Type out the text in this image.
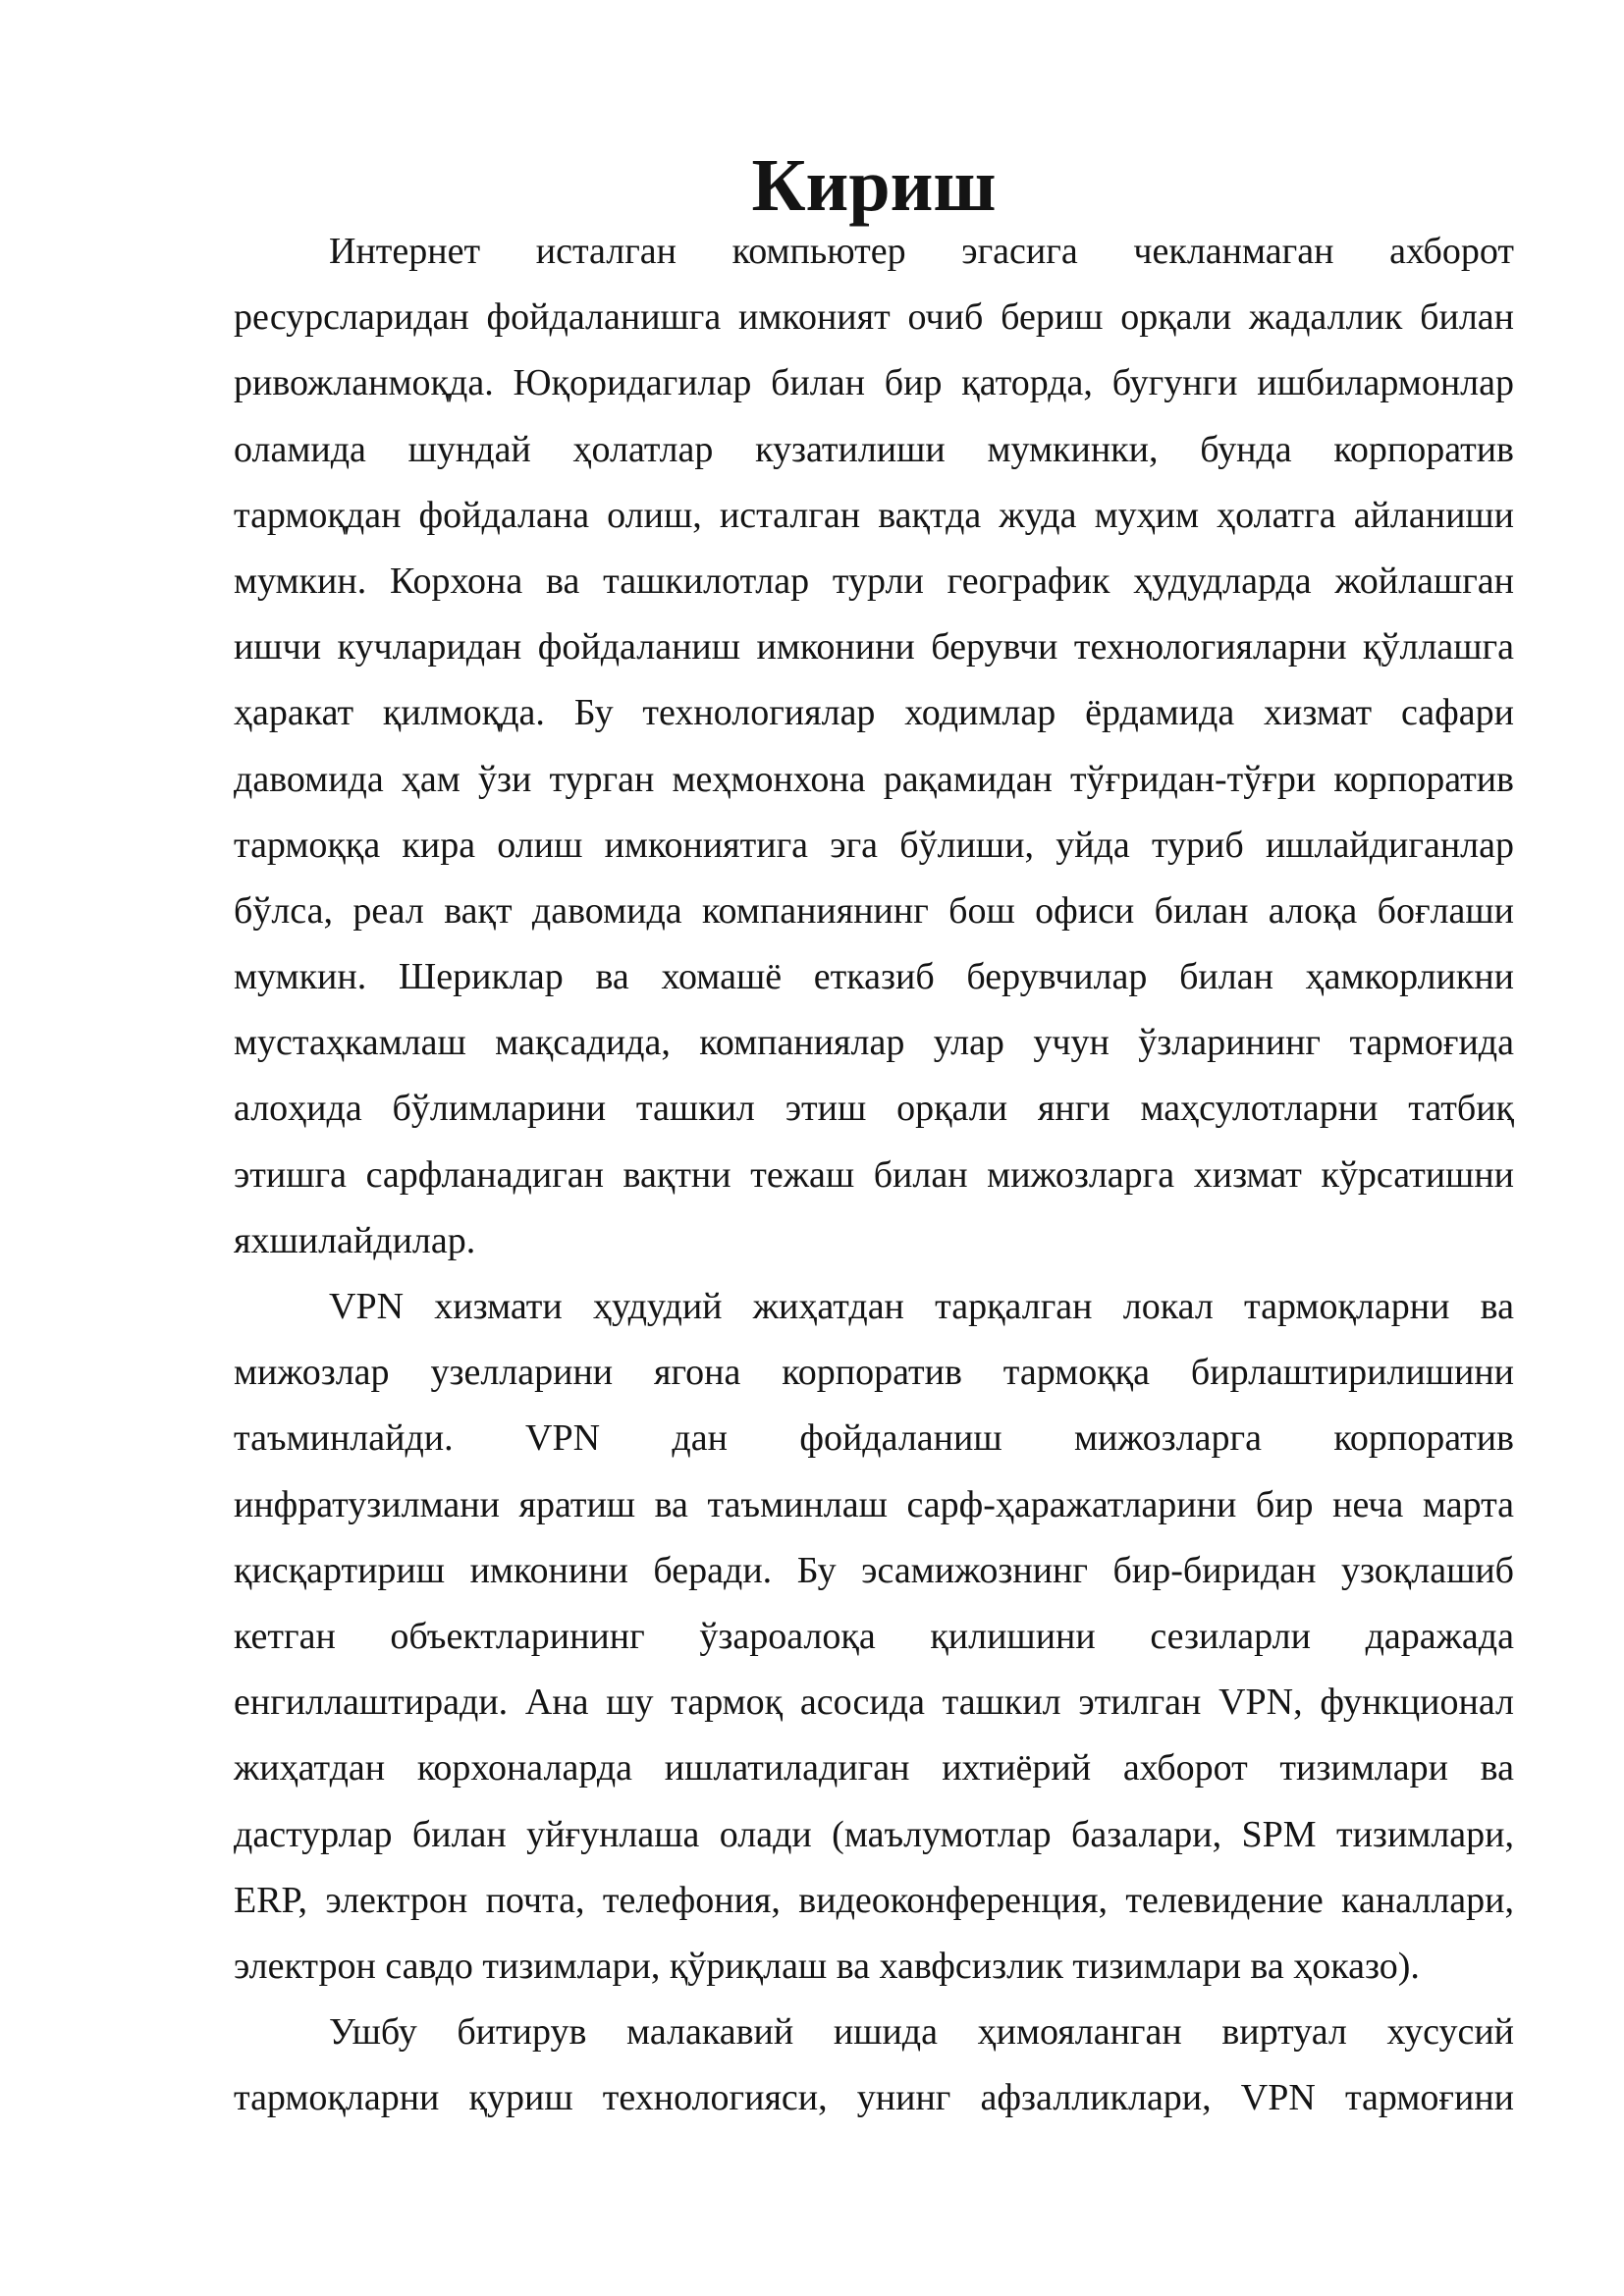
Кириш
Интернет исталган компьютер эгасига чекланмаган ахборот
ресурсларидан фойдаланишга имконият очиб бериш орқали жадаллик билан
ривожланмоқда. Юқоридагилар билан бир қаторда, бугунги ишбилармонлар
оламида шундай ҳолатлар кузатилиши мумкинки, бунда корпоратив
тармоқдан фойдалана олиш, исталган вақтда жуда муҳим ҳолатга айланиши
мумкин. Корхона ва ташкилотлар турли географик ҳудудларда жойлашган
ишчи кучларидан фойдаланиш имконини берувчи технологияларни қўллашга
ҳаракат қилмоқда. Бу технологиялар ходимлар ёрдамида хизмат сафари
давомида ҳам ўзи турган меҳмонхона рақамидан тўғридан-тўғри корпоратив
тармоққа кира олиш имкониятига эга бўлиши, уйда туриб ишлайдиганлар
бўлса, реал вақт давомида компаниянинг бош офиси билан алоқа боғлаши
мумкин. Шериклар ва хомашё етказиб берувчилар билан ҳамкорликни
мустаҳкамлаш мақсадида, компаниялар улар учун ўзларининг тармоғида
алоҳида бўлимларини ташкил этиш орқали янги маҳсулотларни татбиқ
этишга сарфланадиган вақтни тежаш билан мижозларга хизмат кўрсатишни
яхшилайдилар.
VPN хизмати ҳудудий жиҳатдан тарқалган локал тармоқларни ва
мижозлар узелларини ягона корпоратив тармоққа бирлаштирилишини
таъминлайди. VPN дан фойдаланиш мижозларга корпоратив
инфратузилмани яратиш ва таъминлаш сарф-ҳаражатларини бир неча марта
қисқартириш имконини беради. Бу эсамижознинг бир-биридан узоқлашиб
кетган объектларининг ўзароалоқа қилишини сезиларли даражада
енгиллаштиради. Ана шу тармоқ асосида ташкил этилган VPN, функционал
жиҳатдан корхоналарда ишлатиладиган ихтиёрий ахборот тизимлари ва
дастурлар билан уйғунлаша олади (маълумотлар базалари, SPM тизимлари,
ERP, электрон почта, телефония, видеоконференция, телевидение каналлари,
электрон савдо тизимлари, қўриқлаш ва хавфсизлик тизимлари ва ҳоказо).
Ушбу битирув малакавий ишида ҳимояланган виртуал хусусий
тармоқларни қуриш технологияси, унинг афзалликлари, VPN тармоғини
